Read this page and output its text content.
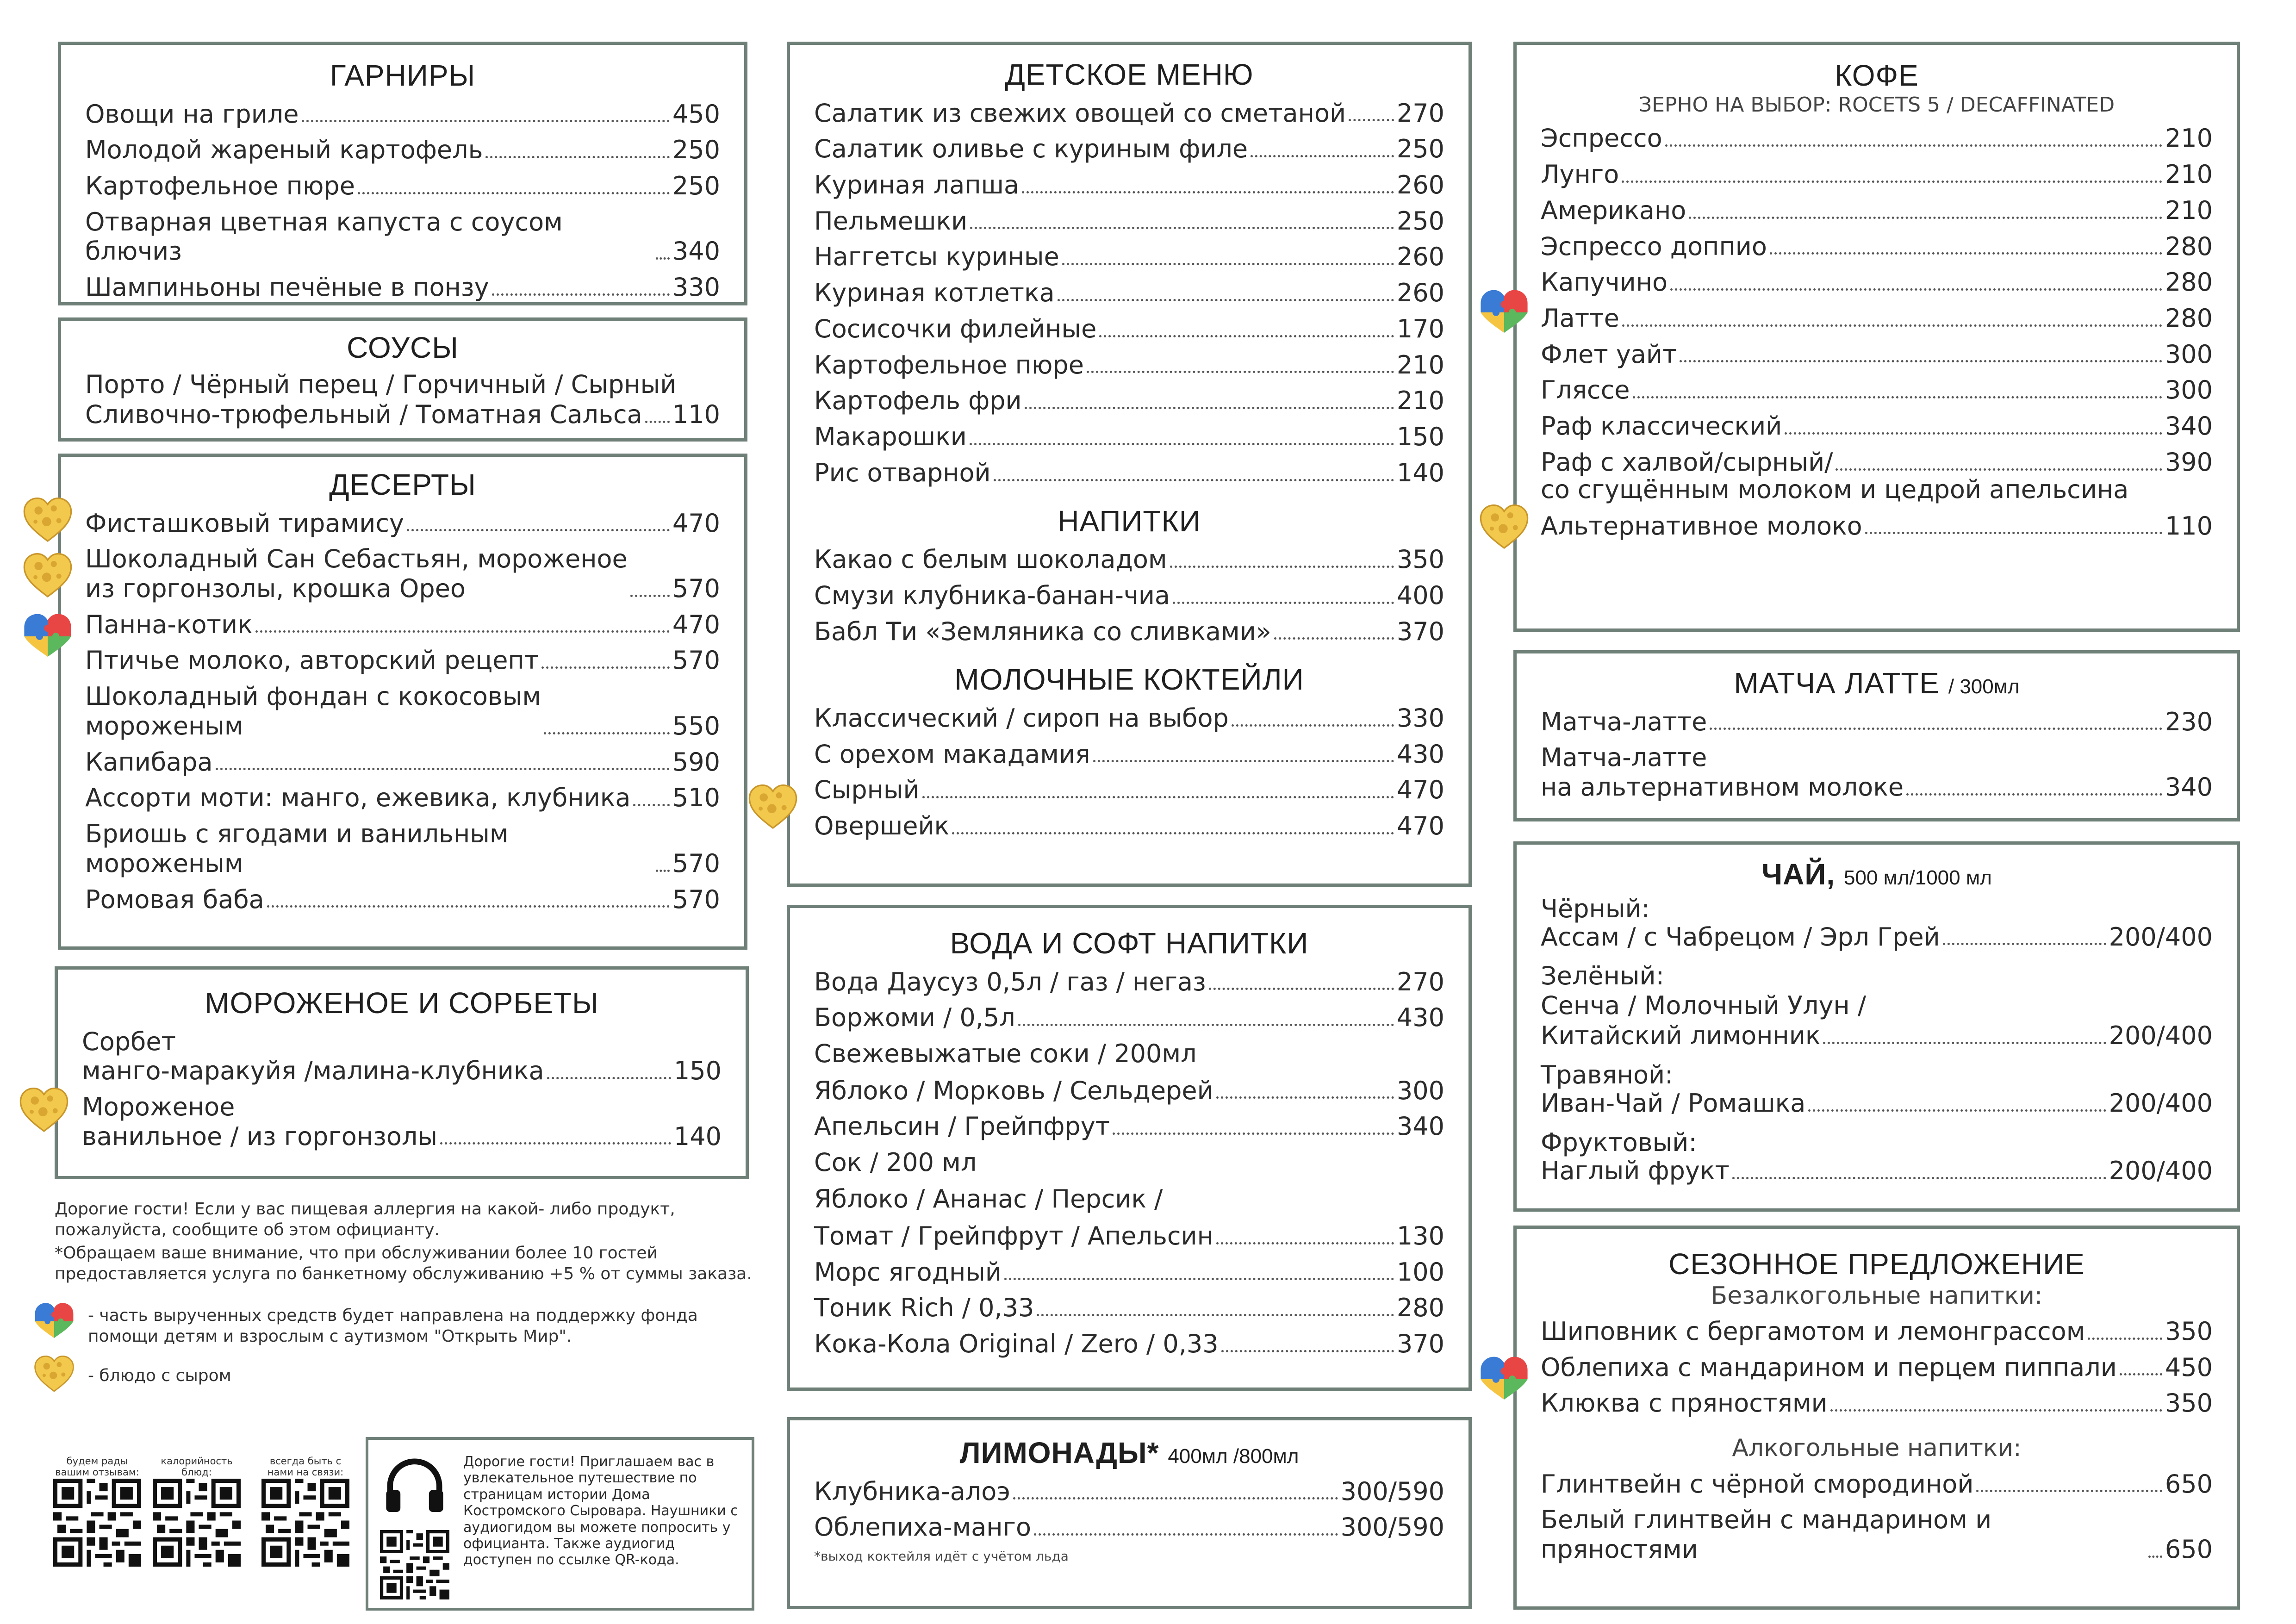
ГАРНИРЫ
Овощи на гриле	450
Молодой жареный картофель	250
Картофельное пюре	250
Отварная цветная капуста с соусом блючиз	340
Шампиньоны печёные в понзу	330
СОУСЫ
Порто / Чёрный перец / Горчичный / Сырный
Сливочно-трюфельный / Томатная Сальса 110
ДЕСЕРТЫ
Фисташковый тирамису	470
Шоколадный Сан Себастьян, мороженое
из горгонзолы, крошка Орео	570
Панна-котик	470
Птичье молоко, авторский рецепт	570
Шоколадный фондан с кокосовым
мороженым	550
Капибара	590
Ассорти моти: манго, ежевика, клубника 510
Бриошь с ягодами и ванильным мороженым	570
Ромовая баба	570
МОРОЖЕНОЕ И СОРБЕТЫ
Сорбет
манго-маракуйя /малина-клубника	150
Мороженое
ванильное / из горгонзолы	140
Дорогие гости! Если у вас пищевая аллергия на какой- либо продукт, пожалуйста, сообщите об этом официанту.
*Обращаем ваше внимание, что при обслуживании более 10 гостей предоставляется услуга по банкетному обслуживанию +5 % от суммы заказа.
- часть вырученных средств будет направлена на поддержку фонда помощи детям и взрослым с аутизмом "Открыть Мир".
- блюдо с сыром
будем рады вашим отзывам:
калорийность блюд:
всегда быть с нами на связи:
Дорогие гости! Приглашаем вас в увлекательное путешествие по страницам истории Дома Костромского Сыровара. Наушники с аудиогидом вы можете попросить у официанта. Также аудиогид доступен по ссылке QR-кода.
ДЕТСКОЕ МЕНЮ
Салатик из свежих овощей со сметаной 270
Салатик оливье с куриным филе	250
Куриная лапша	260
Пельмешки	250
Наггетсы куриные	260
Куриная котлетка	260
Сосисочки филейные	170
Картофельное пюре	210
Картофель фри	210
Макарошки	150
Рис отварной	140
НАПИТКИ
Какао с белым шоколадом	350
Смузи клубника-банан-чиа	400
Бабл Ти «Земляника со сливками»	370
МОЛОЧНЫЕ КОКТЕЙЛИ
Классический / сироп на выбор	330
С орехом макадамия	430
Сырный	470
Овершейк	470
ВОДА И СОФТ НАПИТКИ
Вода Даусуз 0,5л / газ / негаз	270
Боржоми / 0,5л	430
Свежевыжатые соки / 200мл
Яблоко / Морковь / Сельдерей	300
Апельсин / Грейпфрут	340
Сок / 200 мл
Яблоко / Ананас / Персик /
Томат / Грейпфрут / Апельсин	130
Морс ягодный	100
Тоник Rich / 0,33	280
Кока-Кола Original / Zero / 0,33	370
ЛИМОНАДЫ* 400мл /800мл
Клубника-алоэ	300/590
Облепиха-манго	300/590
*выход коктейля идёт с учётом льда
КОФЕ
ЗЕРНО НА ВЫБОР: ROCETS 5 / DECAFFINATED
Эспрессо	210
Лунго	210
Американо	210
Эспрессо доппио	280
Капучино	280
Латте	280
Флет уайт	300
Гляссе	300
Раф классический	340
Раф с халвой/сырный/	390
со сгущённым молоком и цедрой апельсина
Альтернативное молоко	110
МАТЧА ЛАТТЕ / 300мл
Матча-латте	230
Матча-латте
на альтернативном молоке	340
ЧАЙ, 500 мл/1000 мл
Чёрный:
Ассам / с Чабрецом / Эрл Грей	200/400
Зелёный:
Сенча / Молочный Улун /
Китайский лимонник	200/400
Травяной:
Иван-Чай / Ромашка	200/400
Фруктовый:
Наглый фрукт	200/400
СЕЗОННОЕ ПРЕДЛОЖЕНИЕ
Безалкогольные напитки:
Шиповник с бергамотом и лемонграссом	350
Облепиха с мандарином и перцем пиппали 450
Клюква с пряностями	350
Алкогольные напитки:
Глинтвейн с чёрной смородиной	650
Белый глинтвейн с мандарином и пряностями	650
